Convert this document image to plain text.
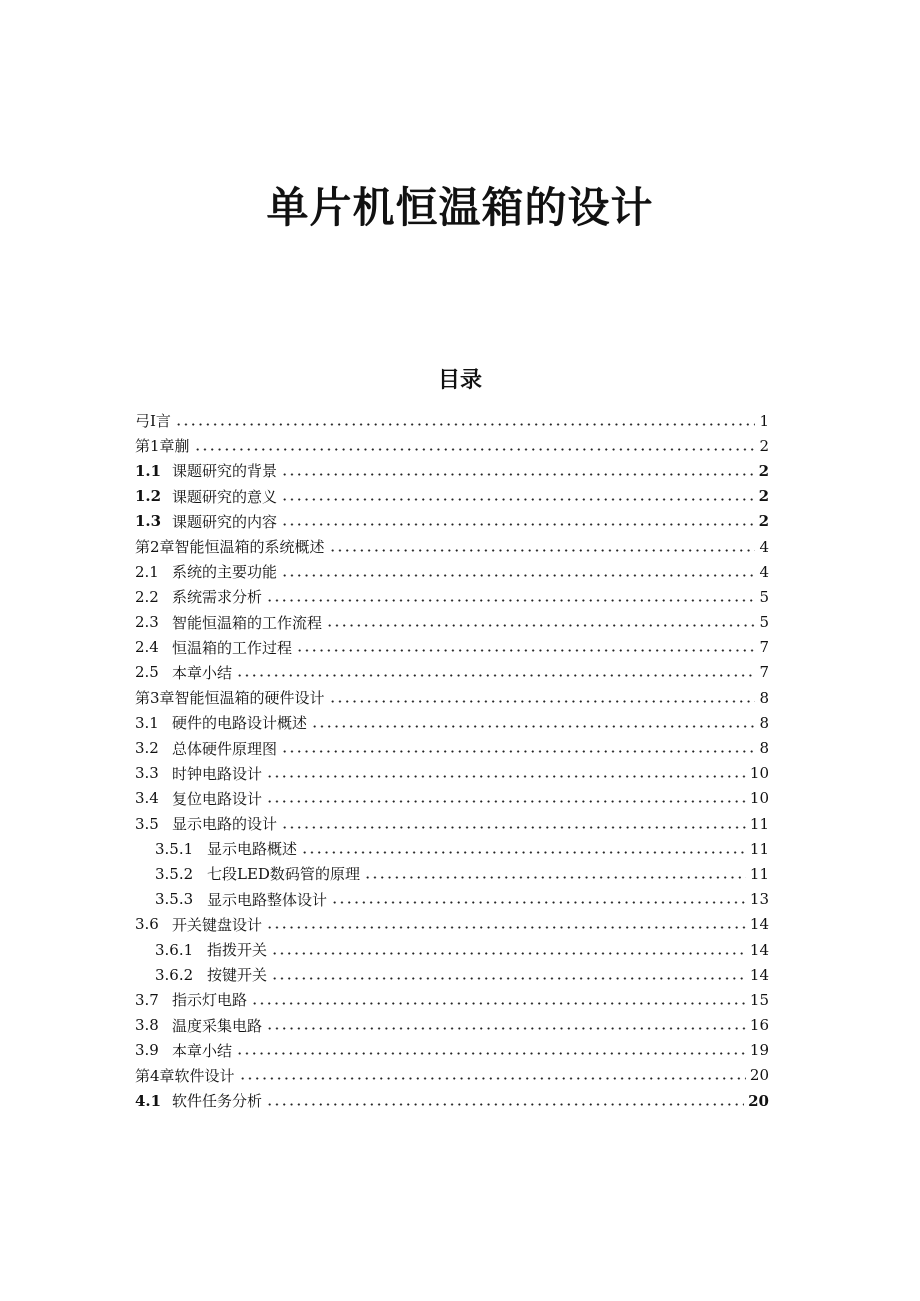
单片机恒温箱的设计
目录
弓I言	1
第1章蒯	2
1.1 课题研究的背景	2
1.2 课题研究的意义	2
1.3 课题研究的内容	2
第2章智能恒温箱的系统概述	4
2.1 系统的主要功能	4
2.2 系统需求分析	5
2.3 智能恒温箱的工作流程	5
2.4 恒温箱的工作过程	7
2.5 本章小结	7
第3章智能恒温箱的硬件设计	8
3.1 硬件的电路设计概述	8
3.2 总体硬件原理图	8
3.3 时钟电路设计	10
3.4 复位电路设计	10
3.5 显示电路的设计	11
3.5.1 显示电路概述	11
3.5.2 七段LED数码管的原理	11
3.5.3 显示电路整体设计	13
3.6 开关键盘设计	14
3.6.1 指拨开关	14
3.6.2 按键开关	14
3.7 指示灯电路	15
3.8 温度采集电路	16
3.9 本章小结	19
第4章软件设计	20
4.1 软件任务分析	20
